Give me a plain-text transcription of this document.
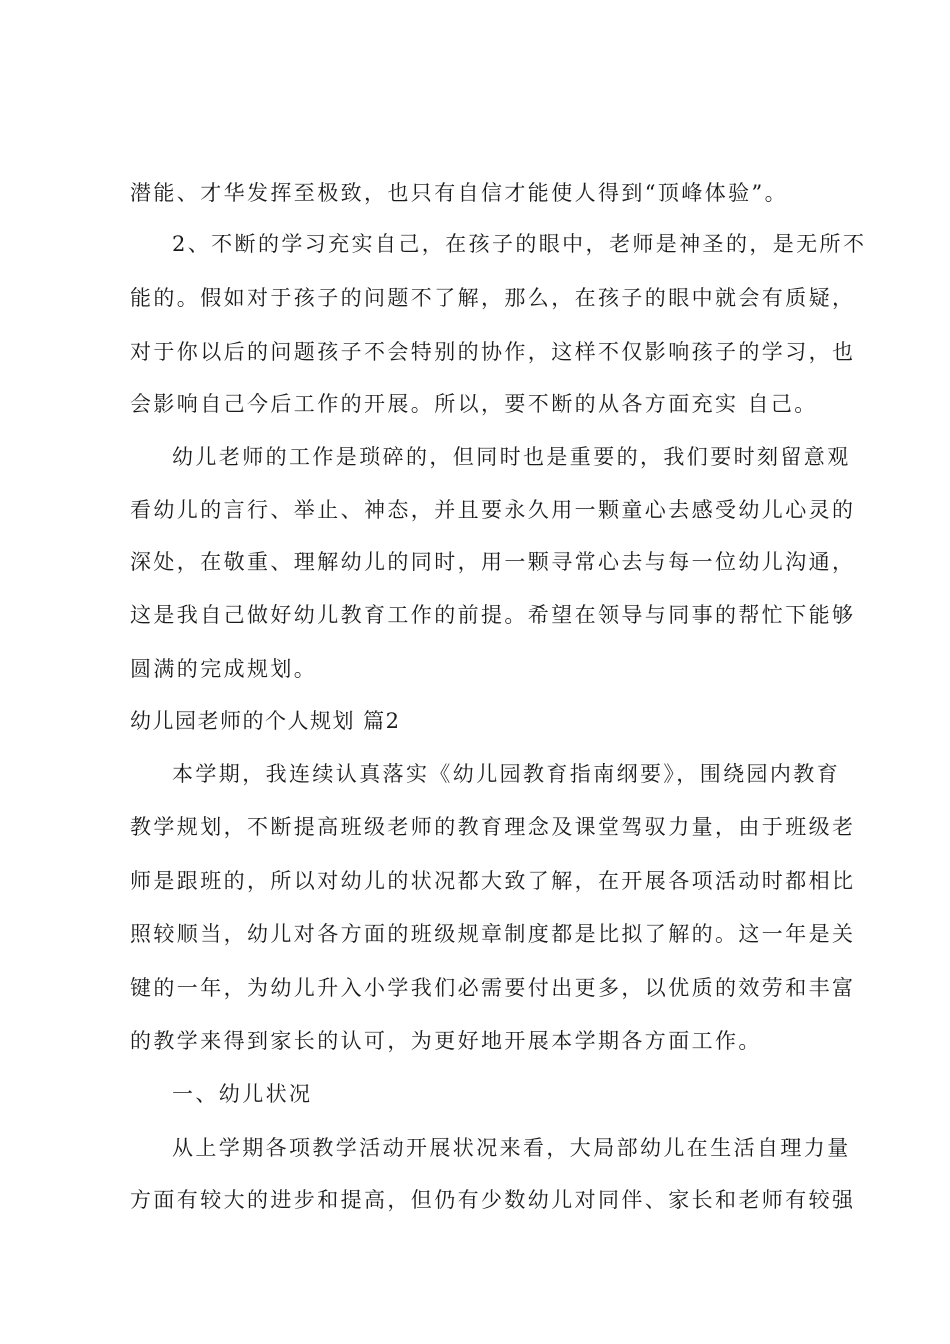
潜能、才华发挥至极致，也只有自信才能使人得到“顶峰体验”。
2、不断的学习充实自己，在孩子的眼中，老师是神圣的，是无所不
能的。假如对于孩子的问题不了解，那么，在孩子的眼中就会有质疑，
对于你以后的问题孩子不会特别的协作，这样不仅影响孩子的学习，也
会影响自己今后工作的开展。所以，要不断的从各方面充实 自己。
幼儿老师的工作是琐碎的，但同时也是重要的，我们要时刻留意观
看幼儿的言行、举止、神态，并且要永久用一颗童心去感受幼儿心灵的
深处，在敬重、理解幼儿的同时，用一颗寻常心去与每一位幼儿沟通，
这是我自己做好幼儿教育工作的前提。希望在领导与同事的帮忙下能够
圆满的完成规划。
幼儿园老师的个人规划 篇2
本学期，我连续认真落实《幼儿园教育指南纲要》，围绕园内教育
教学规划，不断提高班级老师的教育理念及课堂驾驭力量，由于班级老
师是跟班的，所以对幼儿的状况都大致了解，在开展各项活动时都相比
照较顺当，幼儿对各方面的班级规章制度都是比拟了解的。这一年是关
键的一年，为幼儿升入小学我们必需要付出更多，以优质的效劳和丰富
的教学来得到家长的认可，为更好地开展本学期各方面工作。
一、幼儿状况
从上学期各项教学活动开展状况来看，大局部幼儿在生活自理力量
方面有较大的进步和提高，但仍有少数幼儿对同伴、家长和老师有较强
